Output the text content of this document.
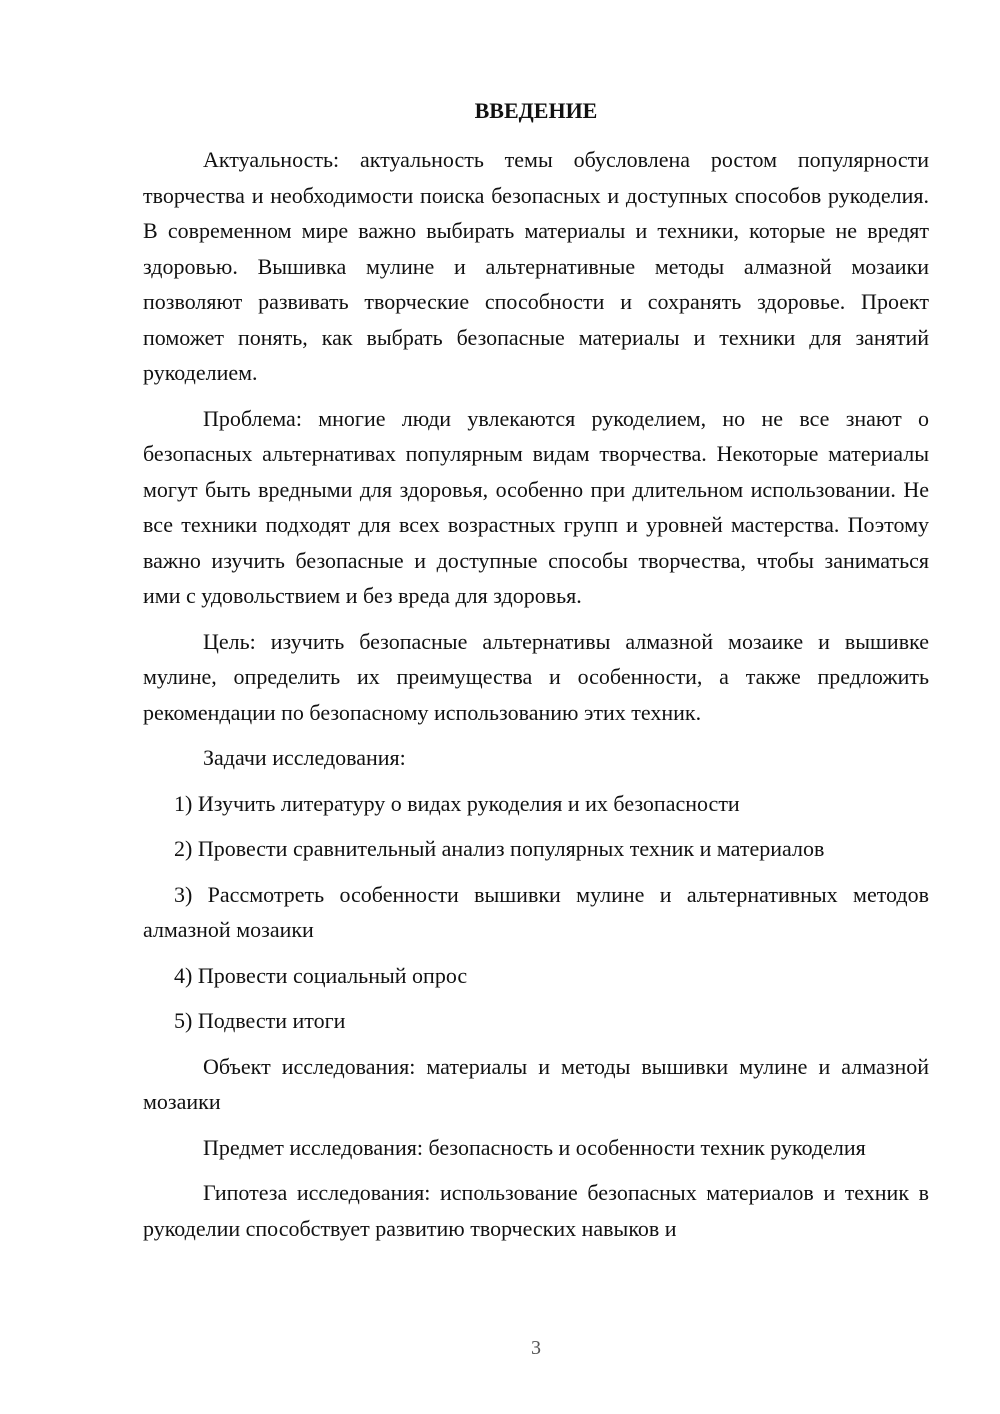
ВВЕДЕНИЕ

Актуальность: актуальность темы обусловлена ростом популярности творчества и необходимости поиска безопасных и доступных способов рукоделия. В современном мире важно выбирать материалы и техники, которые не вредят здоровью. Вышивка мулине и альтернативные методы алмазной мозаики позволяют развивать творческие способности и сохранять здоровье. Проект поможет понять, как выбрать безопасные материалы и техники для занятий рукоделием.

Проблема: многие люди увлекаются рукоделием, но не все знают о безопасных альтернативах популярным видам творчества. Некоторые материалы могут быть вредными для здоровья, особенно при длительном использовании. Не все техники подходят для всех возрастных групп и уровней мастерства. Поэтому важно изучить безопасные и доступные способы творчества, чтобы заниматься ими с удовольствием и без вреда для здоровья.

Цель: изучить безопасные альтернативы алмазной мозаике и вышивке мулине, определить их преимущества и особенности, а также предложить рекомендации по безопасному использованию этих техник.

Задачи исследования:

1) Изучить литературу о видах рукоделия и их безопасности

2) Провести сравнительный анализ популярных техник и материалов

3) Рассмотреть особенности вышивки мулине и альтернативных методов алмазной мозаики

4) Провести социальный опрос

5) Подвести итоги

Объект исследования: материалы и методы вышивки мулине и алмазной мозаики

Предмет исследования: безопасность и особенности техник рукоделия

Гипотеза исследования: использование безопасных материалов и техник в рукоделии способствует развитию творческих навыков и

3
